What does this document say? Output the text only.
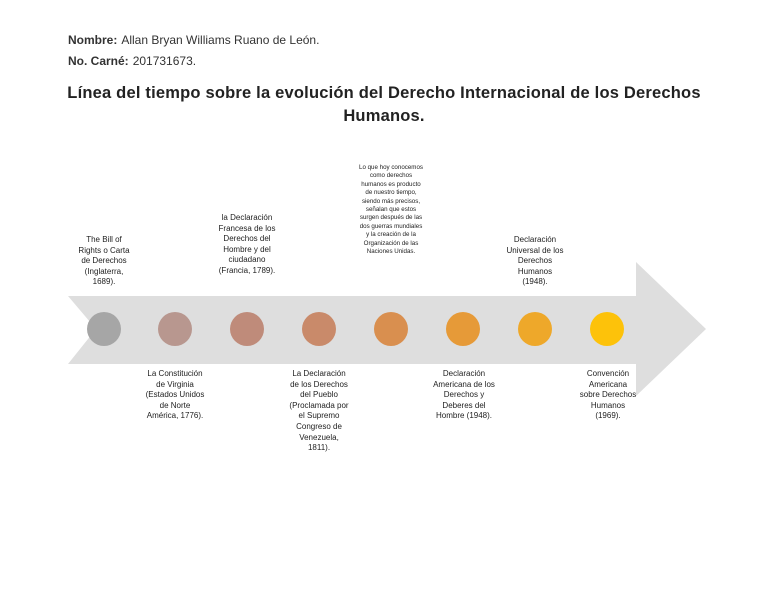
Nombre: Allan Bryan Williams Ruano de León.
No. Carné: 201731673.
Línea del tiempo sobre la evolución del Derecho Internacional de los Derechos Humanos.
The Bill of Rights o Carta de Derechos (Inglaterra, 1689).
la Declaración Francesa de los Derechos del Hombre y del ciudadano (Francia, 1789).
Lo que hoy conocemos como derechos humanos es producto de nuestro tiempo, siendo más precisos, señalan que estos surgen después de las dos guerras mundiales y la creación de la Organización de las Naciones Unidas.
Declaración Universal de los Derechos Humanos (1948).
La Constitución de Virginia (Estados Unidos de Norte América, 1776).
La Declaración de los Derechos del Pueblo (Proclamada por el Supremo Congreso de Venezuela, 1811).
Declaración Americana de los Derechos y Deberes del Hombre (1948).
Convención Americana sobre Derechos Humanos (1969).
